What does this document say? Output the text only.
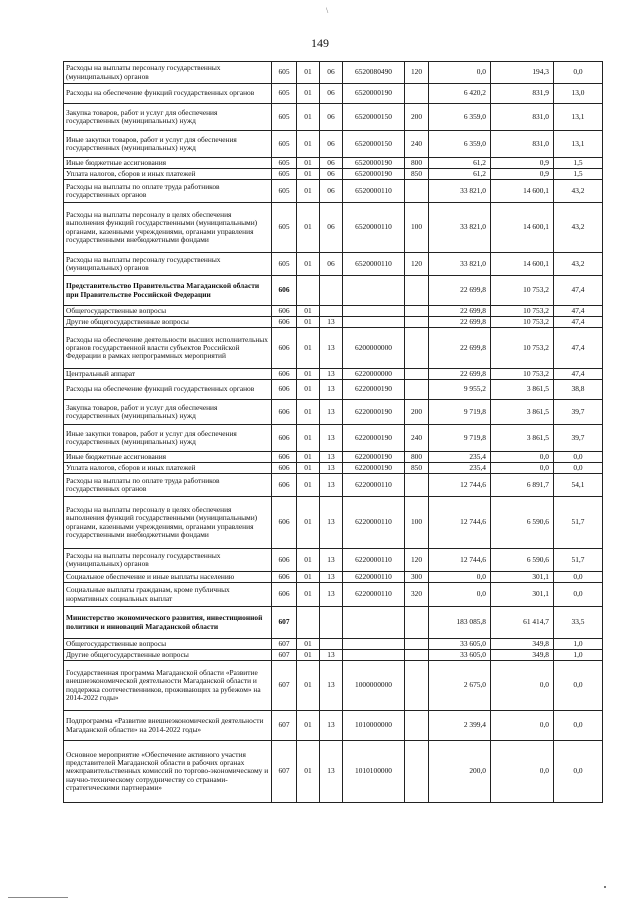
\
149
Расходы на выплаты персоналу государственных (муниципальных) органов	605	01	06	6520080490	120	0,0	194,3	0,0
Расходы на обеспечение функций государственных органов	605	01	06	6520000190		6 420,2	831,9	13,0
Закупка товаров, работ и услуг для обеспечения государственных (муниципальных) нужд	605	01	06	6520000150	200	6 359,0	831,0	13,1
Иные закупки товаров, работ и услуг для обеспечения государственных (муниципальных) нужд	605	01	06	6520000150	240	6 359,0	831,0	13,1
Иные бюджетные ассигнования	605	01	06	6520000190	800	61,2	0,9	1,5
Уплата налогов, сборов и иных платежей	605	01	06	6520000190	850	61,2	0,9	1,5
Расходы на выплаты по оплате труда работников государственных органов	605	01	06	6520000110		33 821,0	14 600,1	43,2
Расходы на выплаты персоналу в целях обеспечения выполнения функций государственными (муниципальными) органами, казенными учреждениями, органами управления государственными внебюджетными фондами	605	01	06	6520000110	100	33 821,0	14 600,1	43,2
Расходы на выплаты персоналу государственных (муниципальных) органов	605	01	06	6520000110	120	33 821,0	14 600,1	43,2
Представительство Правительства Магаданской области при Правительстве Российской Федерации	606					22 699,8	10 753,2	47,4
Общегосударственные вопросы	606	01				22 699,8	10 753,2	47,4
Другие общегосударственные вопросы	606	01	13			22 699,8	10 753,2	47,4
Расходы на обеспечение деятельности высших исполнительных органов государственной власти субъектов Российской Федерации в рамках непрограммных мероприятий	606	01	13	6200000000		22 699,8	10 753,2	47,4
Центральный аппарат	606	01	13	6220000000		22 699,8	10 753,2	47,4
Расходы на обеспечение функций государственных органов	606	01	13	6220000190		9 955,2	3 861,5	38,8
Закупка товаров, работ и услуг для обеспечения государственных (муниципальных) нужд	606	01	13	6220000190	200	9 719,8	3 861,5	39,7
Иные закупки товаров, работ и услуг для обеспечения государственных (муниципальных) нужд	606	01	13	6220000190	240	9 719,8	3 861,5	39,7
Иные бюджетные ассигнования	606	01	13	6220000190	800	235,4	0,0	0,0
Уплата налогов, сборов и иных платежей	606	01	13	6220000190	850	235,4	0,0	0,0
Расходы на выплаты по оплате труда работников государственных органов	606	01	13	6220000110		12 744,6	6 891,7	54,1
Расходы на выплаты персоналу в целях обеспечения выполнения функций государственными (муниципальными) органами, казенными учреждениями, органами управления государственными внебюджетными фондами	606	01	13	6220000110	100	12 744,6	6 590,6	51,7
Расходы на выплаты персоналу государственных (муниципальных) органов	606	01	13	6220000110	120	12 744,6	6 590,6	51,7
Социальное обеспечение и иные выплаты населению	606	01	13	6220000110	300	0,0	301,1	0,0
Социальные выплаты гражданам, кроме публичных нормативных социальных выплат	606	01	13	6220000110	320	0,0	301,1	0,0
Министерство экономического развития, инвестиционной политики и инноваций Магаданской области	607					183 085,8	61 414,7	33,5
Общегосударственные вопросы	607	01				33 605,0	349,8	1,0
Другие общегосударственные вопросы	607	01	13			33 605,0	349,8	1,0
Государственная программа Магаданской области «Развитие внешнеэкономической деятельности Магаданской области и поддержка соотечественников, проживающих за рубежом» на 2014-2022 годы»	607	01	13	1000000000		2 675,0	0,0	0,0
Подпрограмма «Развитие внешнеэкономической деятельности Магаданской области» на 2014-2022 годы»	607	01	13	1010000000		2 399,4	0,0	0,0
Основное мероприятие «Обеспечение активного участия представителей Магаданской области в рабочих органах межправительственных комиссий по торгово-экономическому и научно-техническому сотрудничеству со странами-стратегическими партнерами»	607	01	13	1010100000		200,0	0,0	0,0
